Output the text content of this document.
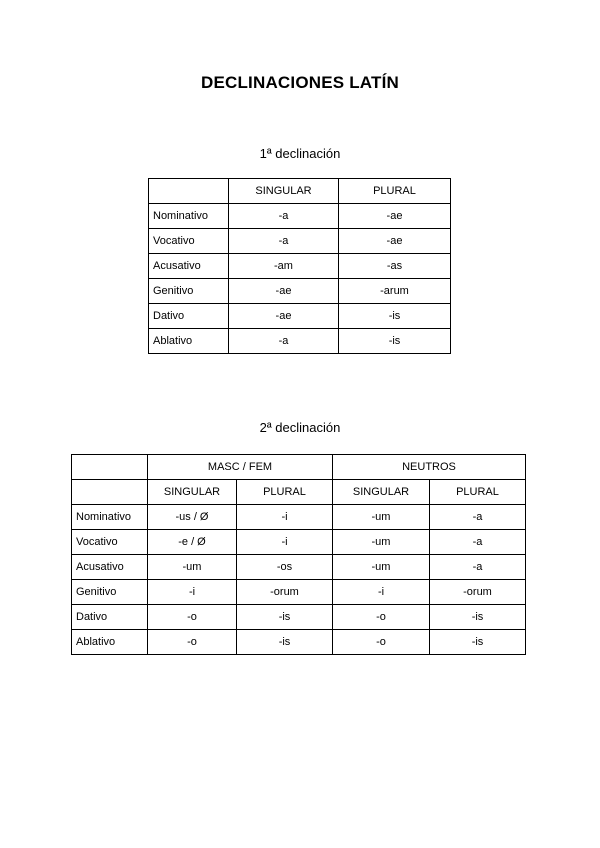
DECLINACIONES LATÍN
1ª declinación
	SINGULAR	PLURAL
Nominativo	-a	-ae
Vocativo	-a	-ae
Acusativo	-am	-as
Genitivo	-ae	-arum
Dativo	-ae	-is
Ablativo	-a	-is
2ª declinación
	MASC / FEM		NEUTROS	
	SINGULAR	PLURAL	SINGULAR	PLURAL
Nominativo	-us / Ø	-i	-um	-a
Vocativo	-e / Ø	-i	-um	-a
Acusativo	-um	-os	-um	-a
Genitivo	-i	-orum	-i	-orum
Dativo	-o	-is	-o	-is
Ablativo	-o	-is	-o	-is
